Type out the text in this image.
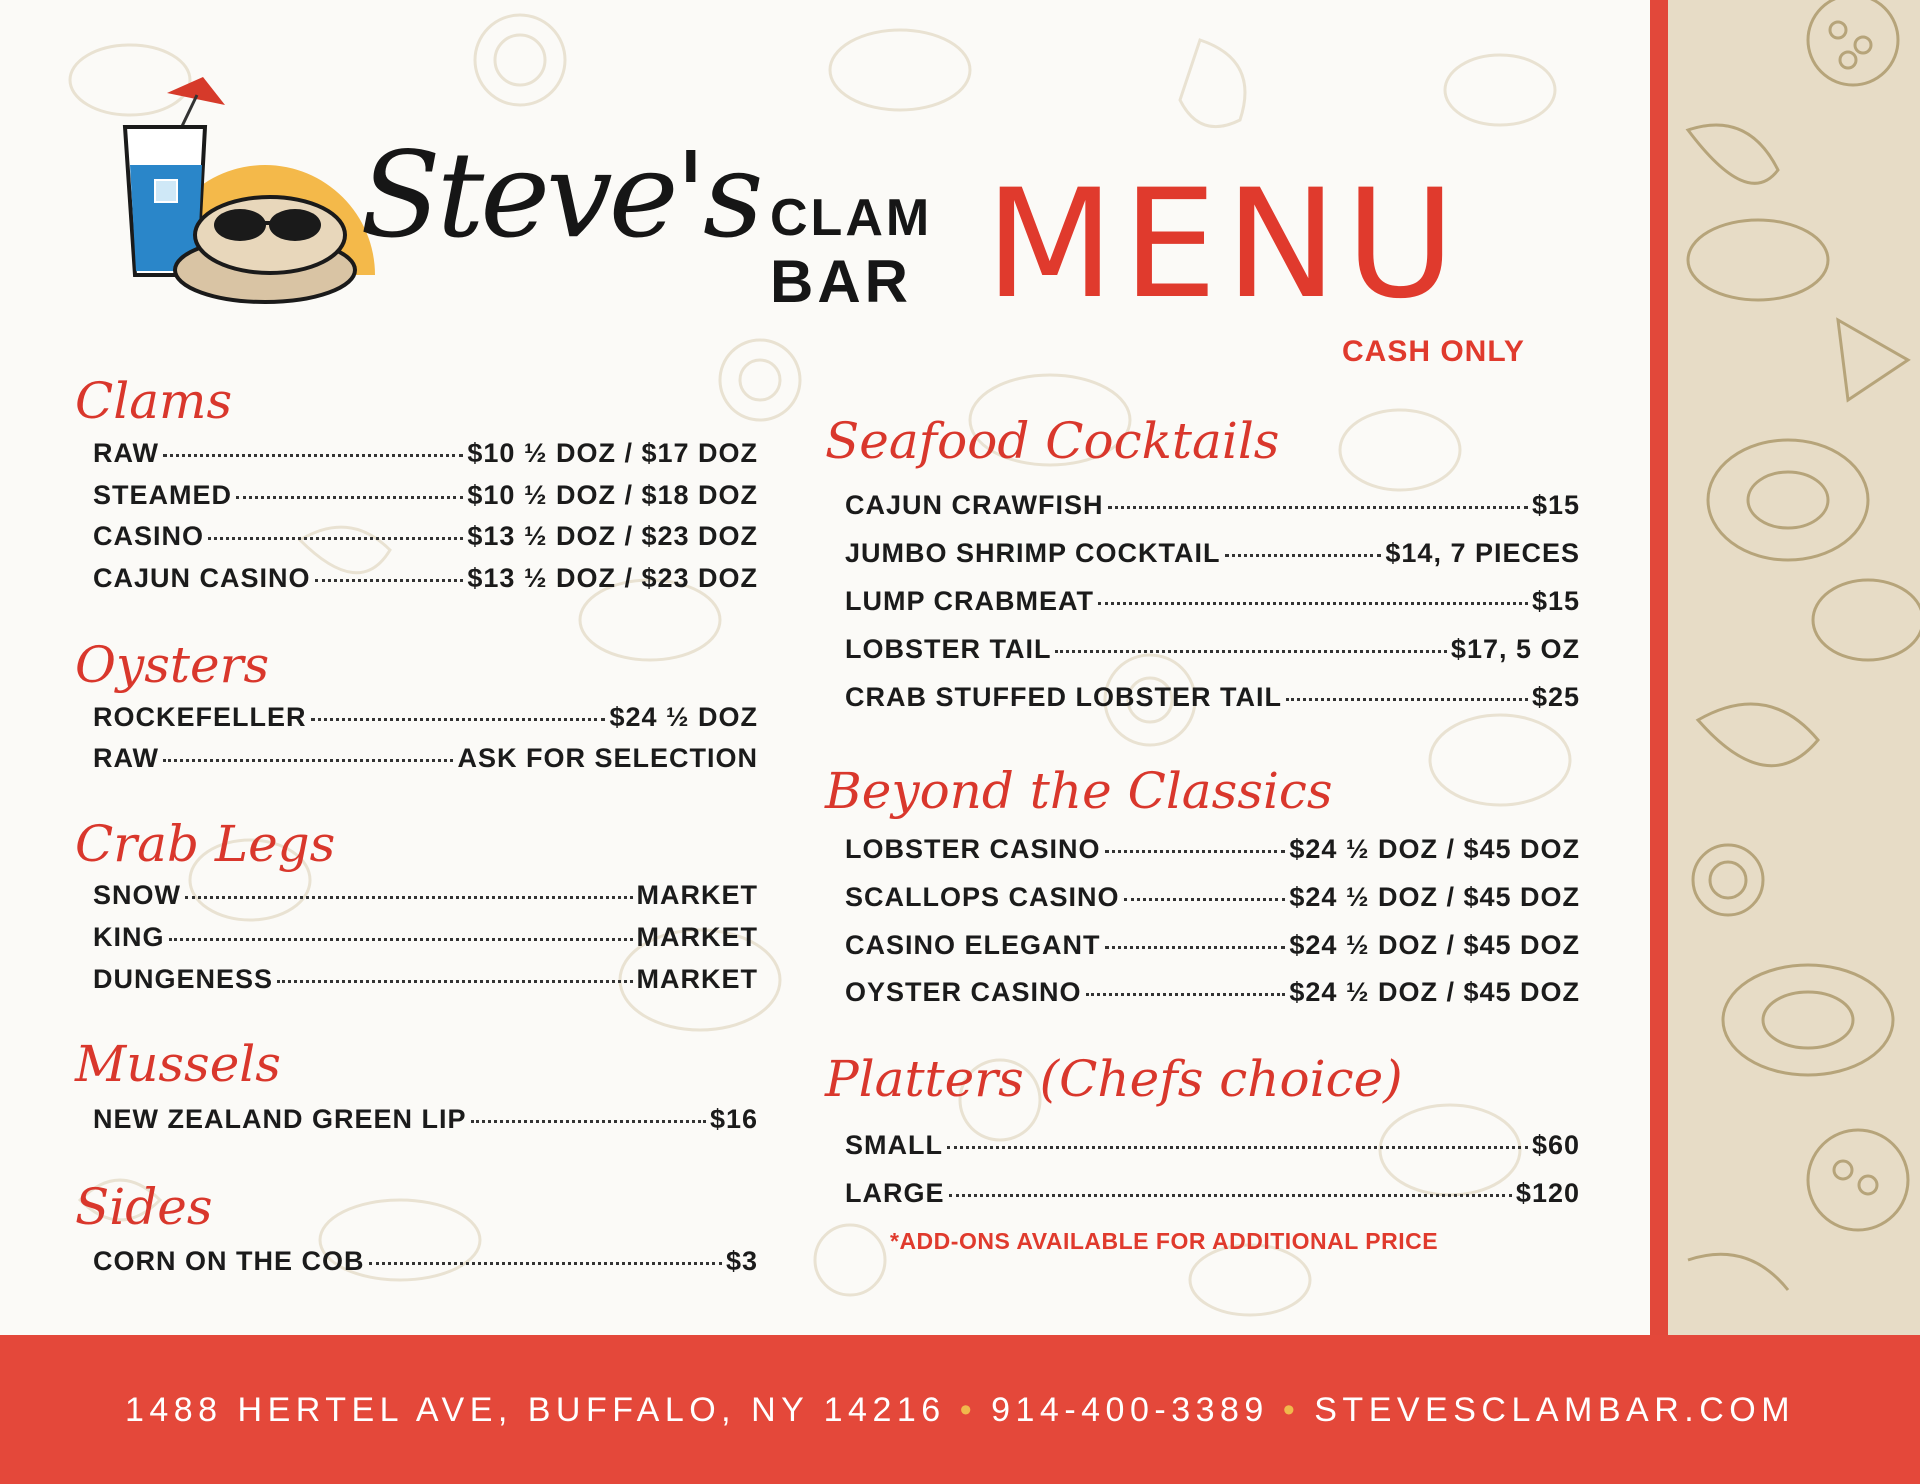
Steve's CLAM
BAR MENU
CASH ONLY
Clams
RAW	$10 ½ DOZ / $17 DOZ
STEAMED	$10 ½ DOZ / $18 DOZ
CASINO	$13 ½ DOZ / $23 DOZ
CAJUN CASINO	$13 ½ DOZ / $23 DOZ
Oysters
ROCKEFELLER	$24 ½ DOZ
RAW	ASK FOR SELECTION
Crab Legs
SNOW	MARKET
KING	MARKET
DUNGENESS	MARKET
Mussels
NEW ZEALAND GREEN LIP	$16
Sides
CORN ON THE COB	$3
Seafood Cocktails
CAJUN CRAWFISH	$15
JUMBO SHRIMP COCKTAIL	$14, 7 PIECES
LUMP CRABMEAT	$15
LOBSTER TAIL	$17, 5 OZ
CRAB STUFFED LOBSTER TAIL	$25
Beyond the Classics
LOBSTER CASINO	$24 ½ DOZ / $45 DOZ
SCALLOPS CASINO	$24 ½ DOZ / $45 DOZ
CASINO ELEGANT	$24 ½ DOZ / $45 DOZ
OYSTER CASINO	$24 ½ DOZ / $45 DOZ
Platters (Chefs choice)
SMALL	$60
LARGE	$120
*ADD-ONS AVAILABLE FOR ADDITIONAL PRICE
1488 HERTEL AVE, BUFFALO, NY 14216 • 914-400-3389 • STEVESCLAMBAR.COM
